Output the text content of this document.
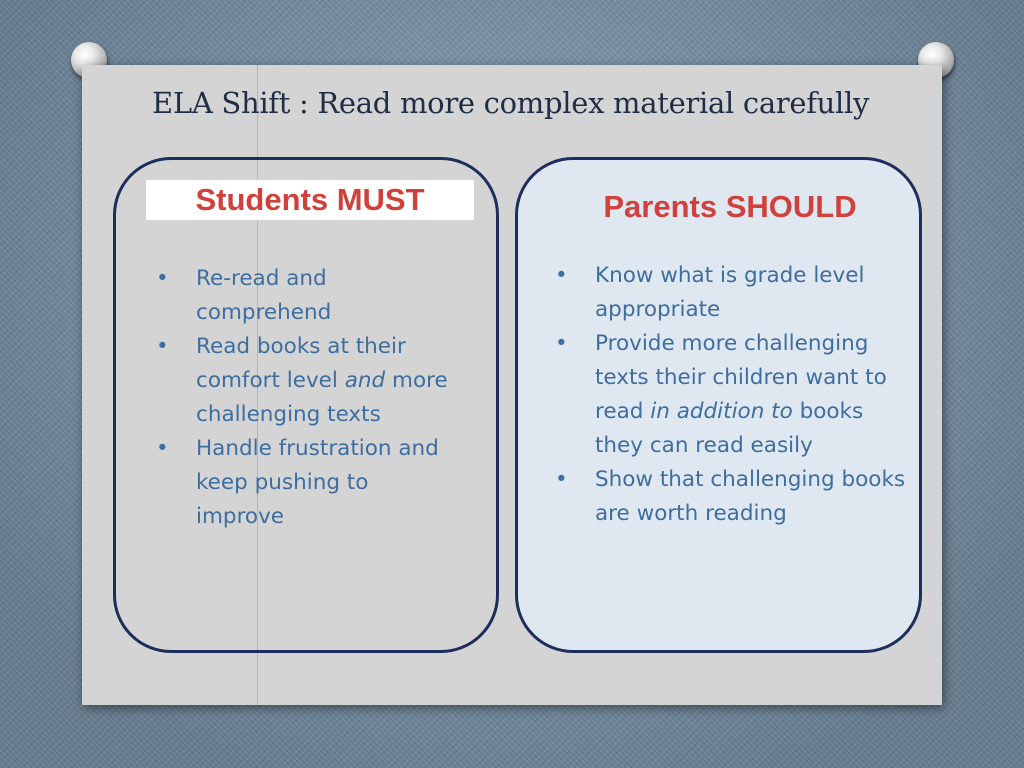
ELA Shift : Read more complex material carefully
Students MUST	Parents SHOULD
• Re-read and comprehend
• Read books at their comfort level and more challenging texts
• Handle frustration and keep pushing to improve
• Know what is grade level appropriate
• Provide more challenging texts their children want to read in addition to books they can read easily
• Show that challenging books are worth reading
